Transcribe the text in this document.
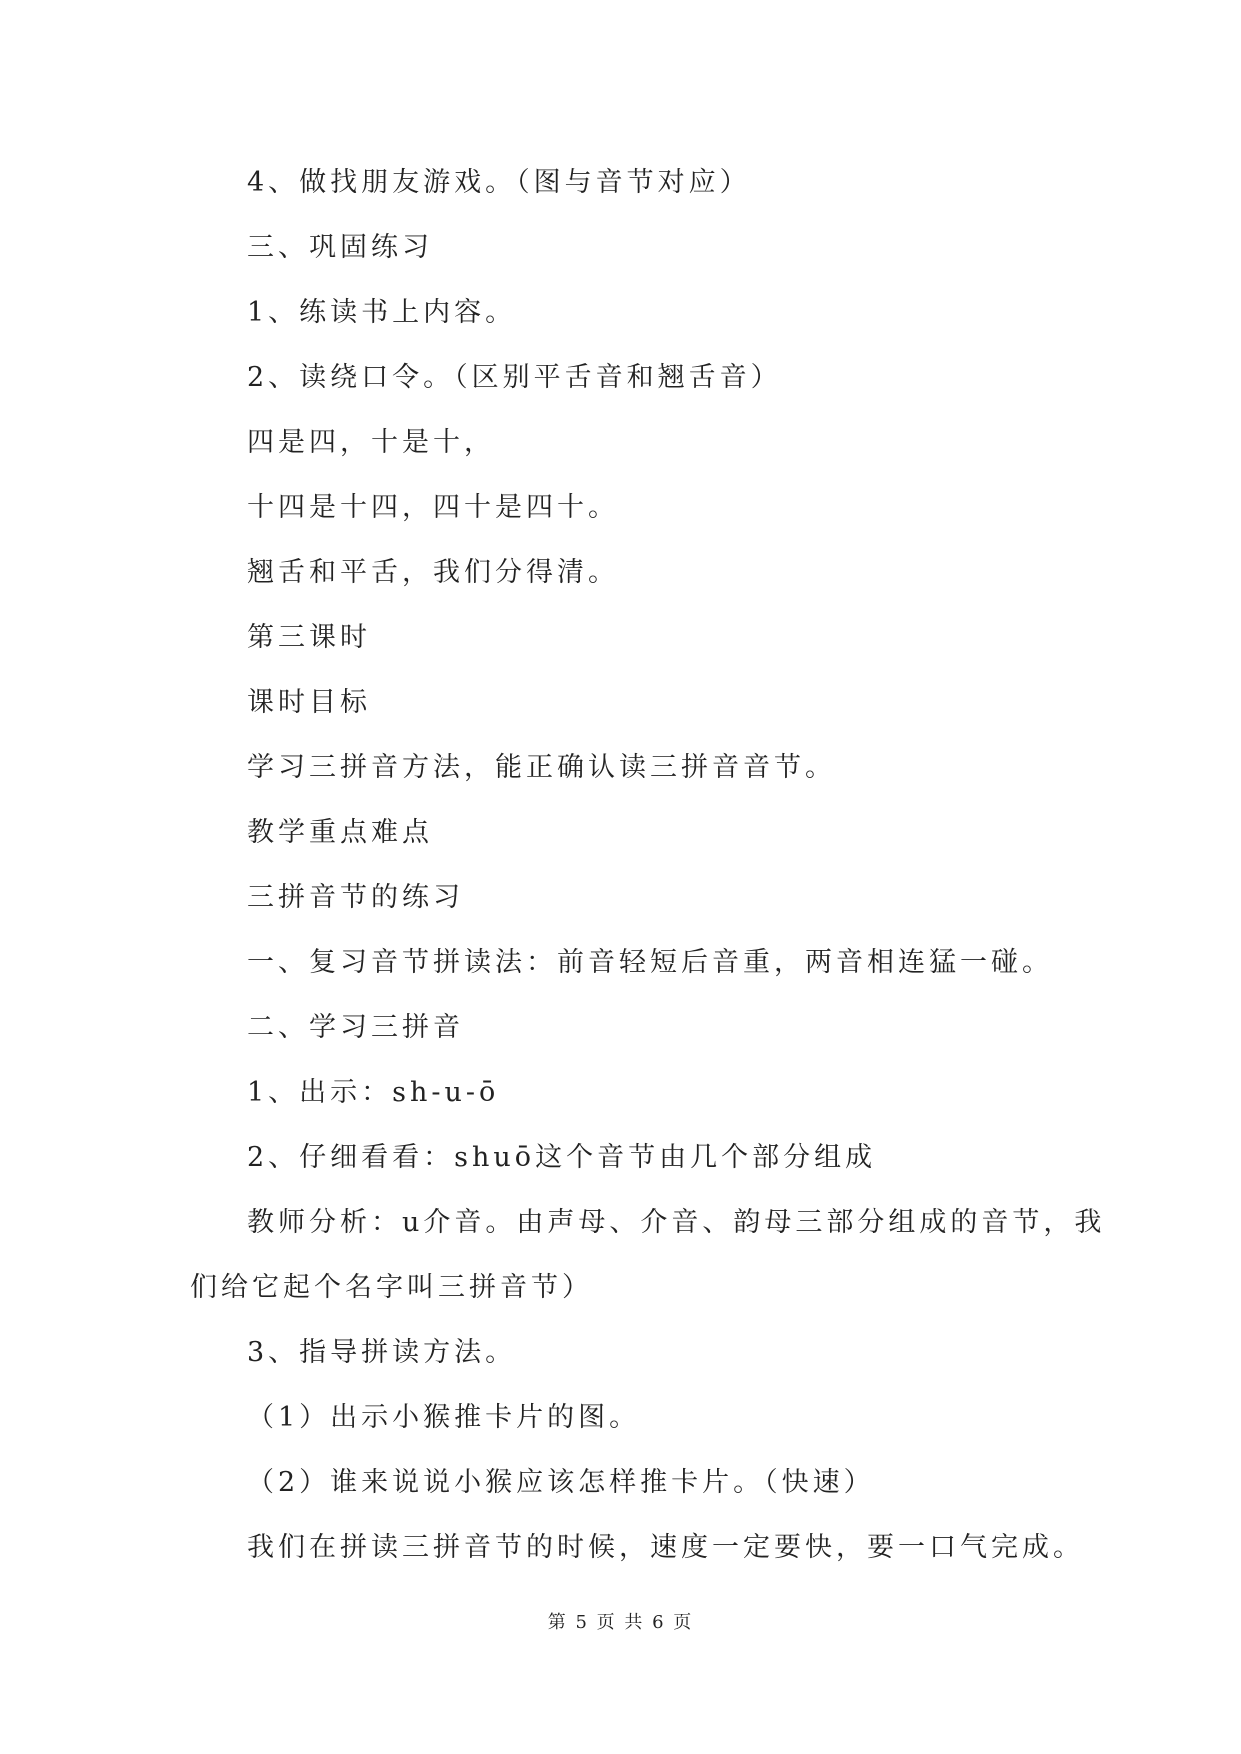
4、做找朋友游戏。（图与音节对应）
三、巩固练习
1、练读书上内容。
2、读绕口令。（区别平舌音和翘舌音）
四是四，十是十，
十四是十四，四十是四十。
翘舌和平舌，我们分得清。
第三课时
课时目标
学习三拼音方法，能正确认读三拼音音节。
教学重点难点
三拼音节的练习
一、复习音节拼读法：前音轻短后音重，两音相连猛一碰。
二、学习三拼音
1、出示：sh-u-ō
2、仔细看看：shuō这个音节由几个部分组成
教师分析：u介音。由声母、介音、韵母三部分组成的音节，我
们给它起个名字叫三拼音节）
3、指导拼读方法。
（1）出示小猴推卡片的图。
（2）谁来说说小猴应该怎样推卡片。（快速）
我们在拼读三拼音节的时候，速度一定要快，要一口气完成。
第 5 页 共 6 页
